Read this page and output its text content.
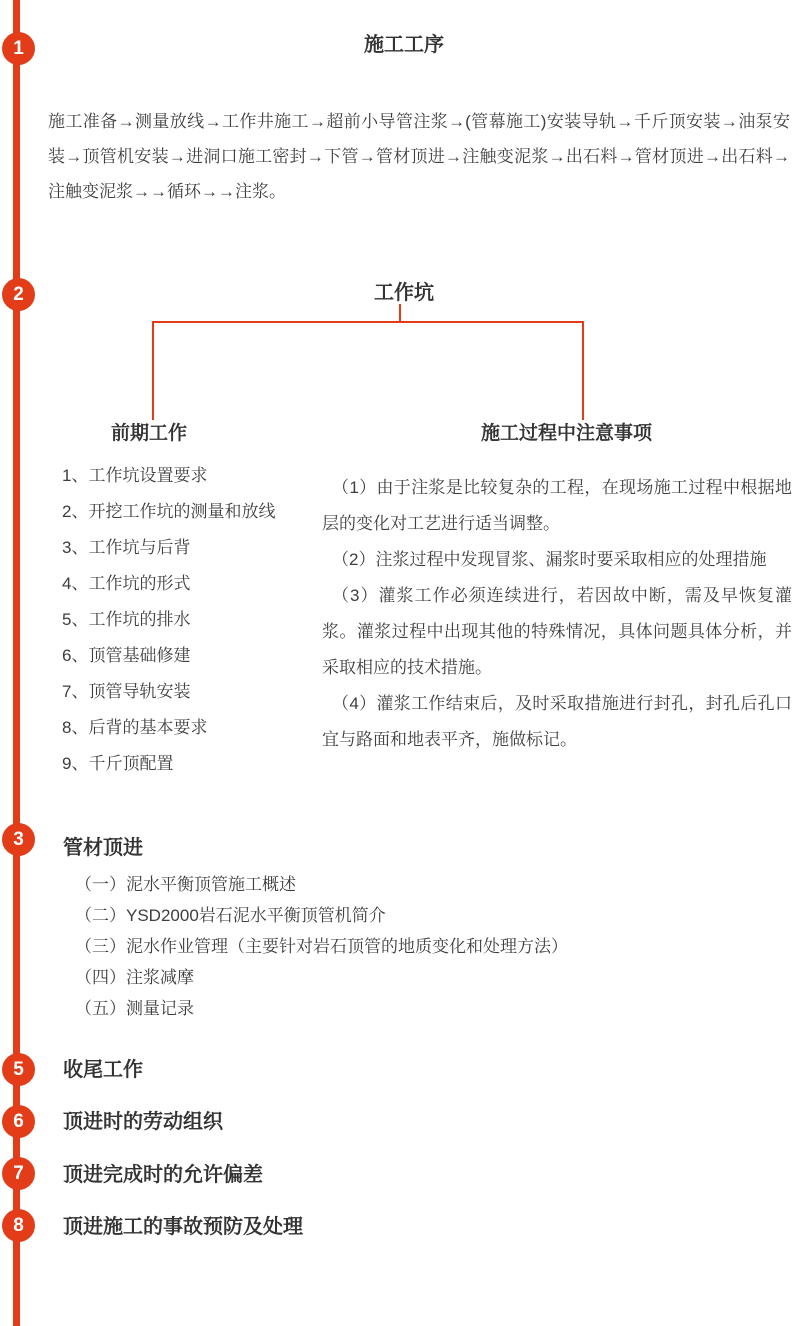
1
2
3
5
6
7
8
施工工序

施工准备→测量放线→工作井施工→超前小导管注浆→(管幕施工)安装导轨→千斤顶安装→油泵安装→顶管机安装→进洞口施工密封→下管→管材顶进→注触变泥浆→出石料→管材顶进→出石料→注触变泥浆→→循环→→注浆。

工作坑
前期工作	施工过程中注意事项
1、工作坑设置要求
2、开挖工作坑的测量和放线
3、工作坑与后背
4、工作坑的形式
5、工作坑的排水
6、顶管基础修建
7、顶管导轨安装
8、后背的基本要求
9、千斤顶配置

（1）由于注浆是比较复杂的工程，在现场施工过程中根据地层的变化对工艺进行适当调整。

（2）注浆过程中发现冒浆、漏浆时要采取相应的处理措施

（3）灌浆工作必须连续进行，若因故中断，需及早恢复灌浆。灌浆过程中出现其他的特殊情况，具体问题具体分析，并采取相应的技术措施。

（4）灌浆工作结束后，及时采取措施进行封孔，封孔后孔口宜与路面和地表平齐，施做标记。

管材顶进
（一）泥水平衡顶管施工概述
（二）YSD2000岩石泥水平衡顶管机简介
（三）泥水作业管理（主要针对岩石顶管的地质变化和处理方法）
（四）注浆减摩
（五）测量记录
收尾工作
顶进时的劳动组织
顶进完成时的允许偏差
顶进施工的事故预防及处理
